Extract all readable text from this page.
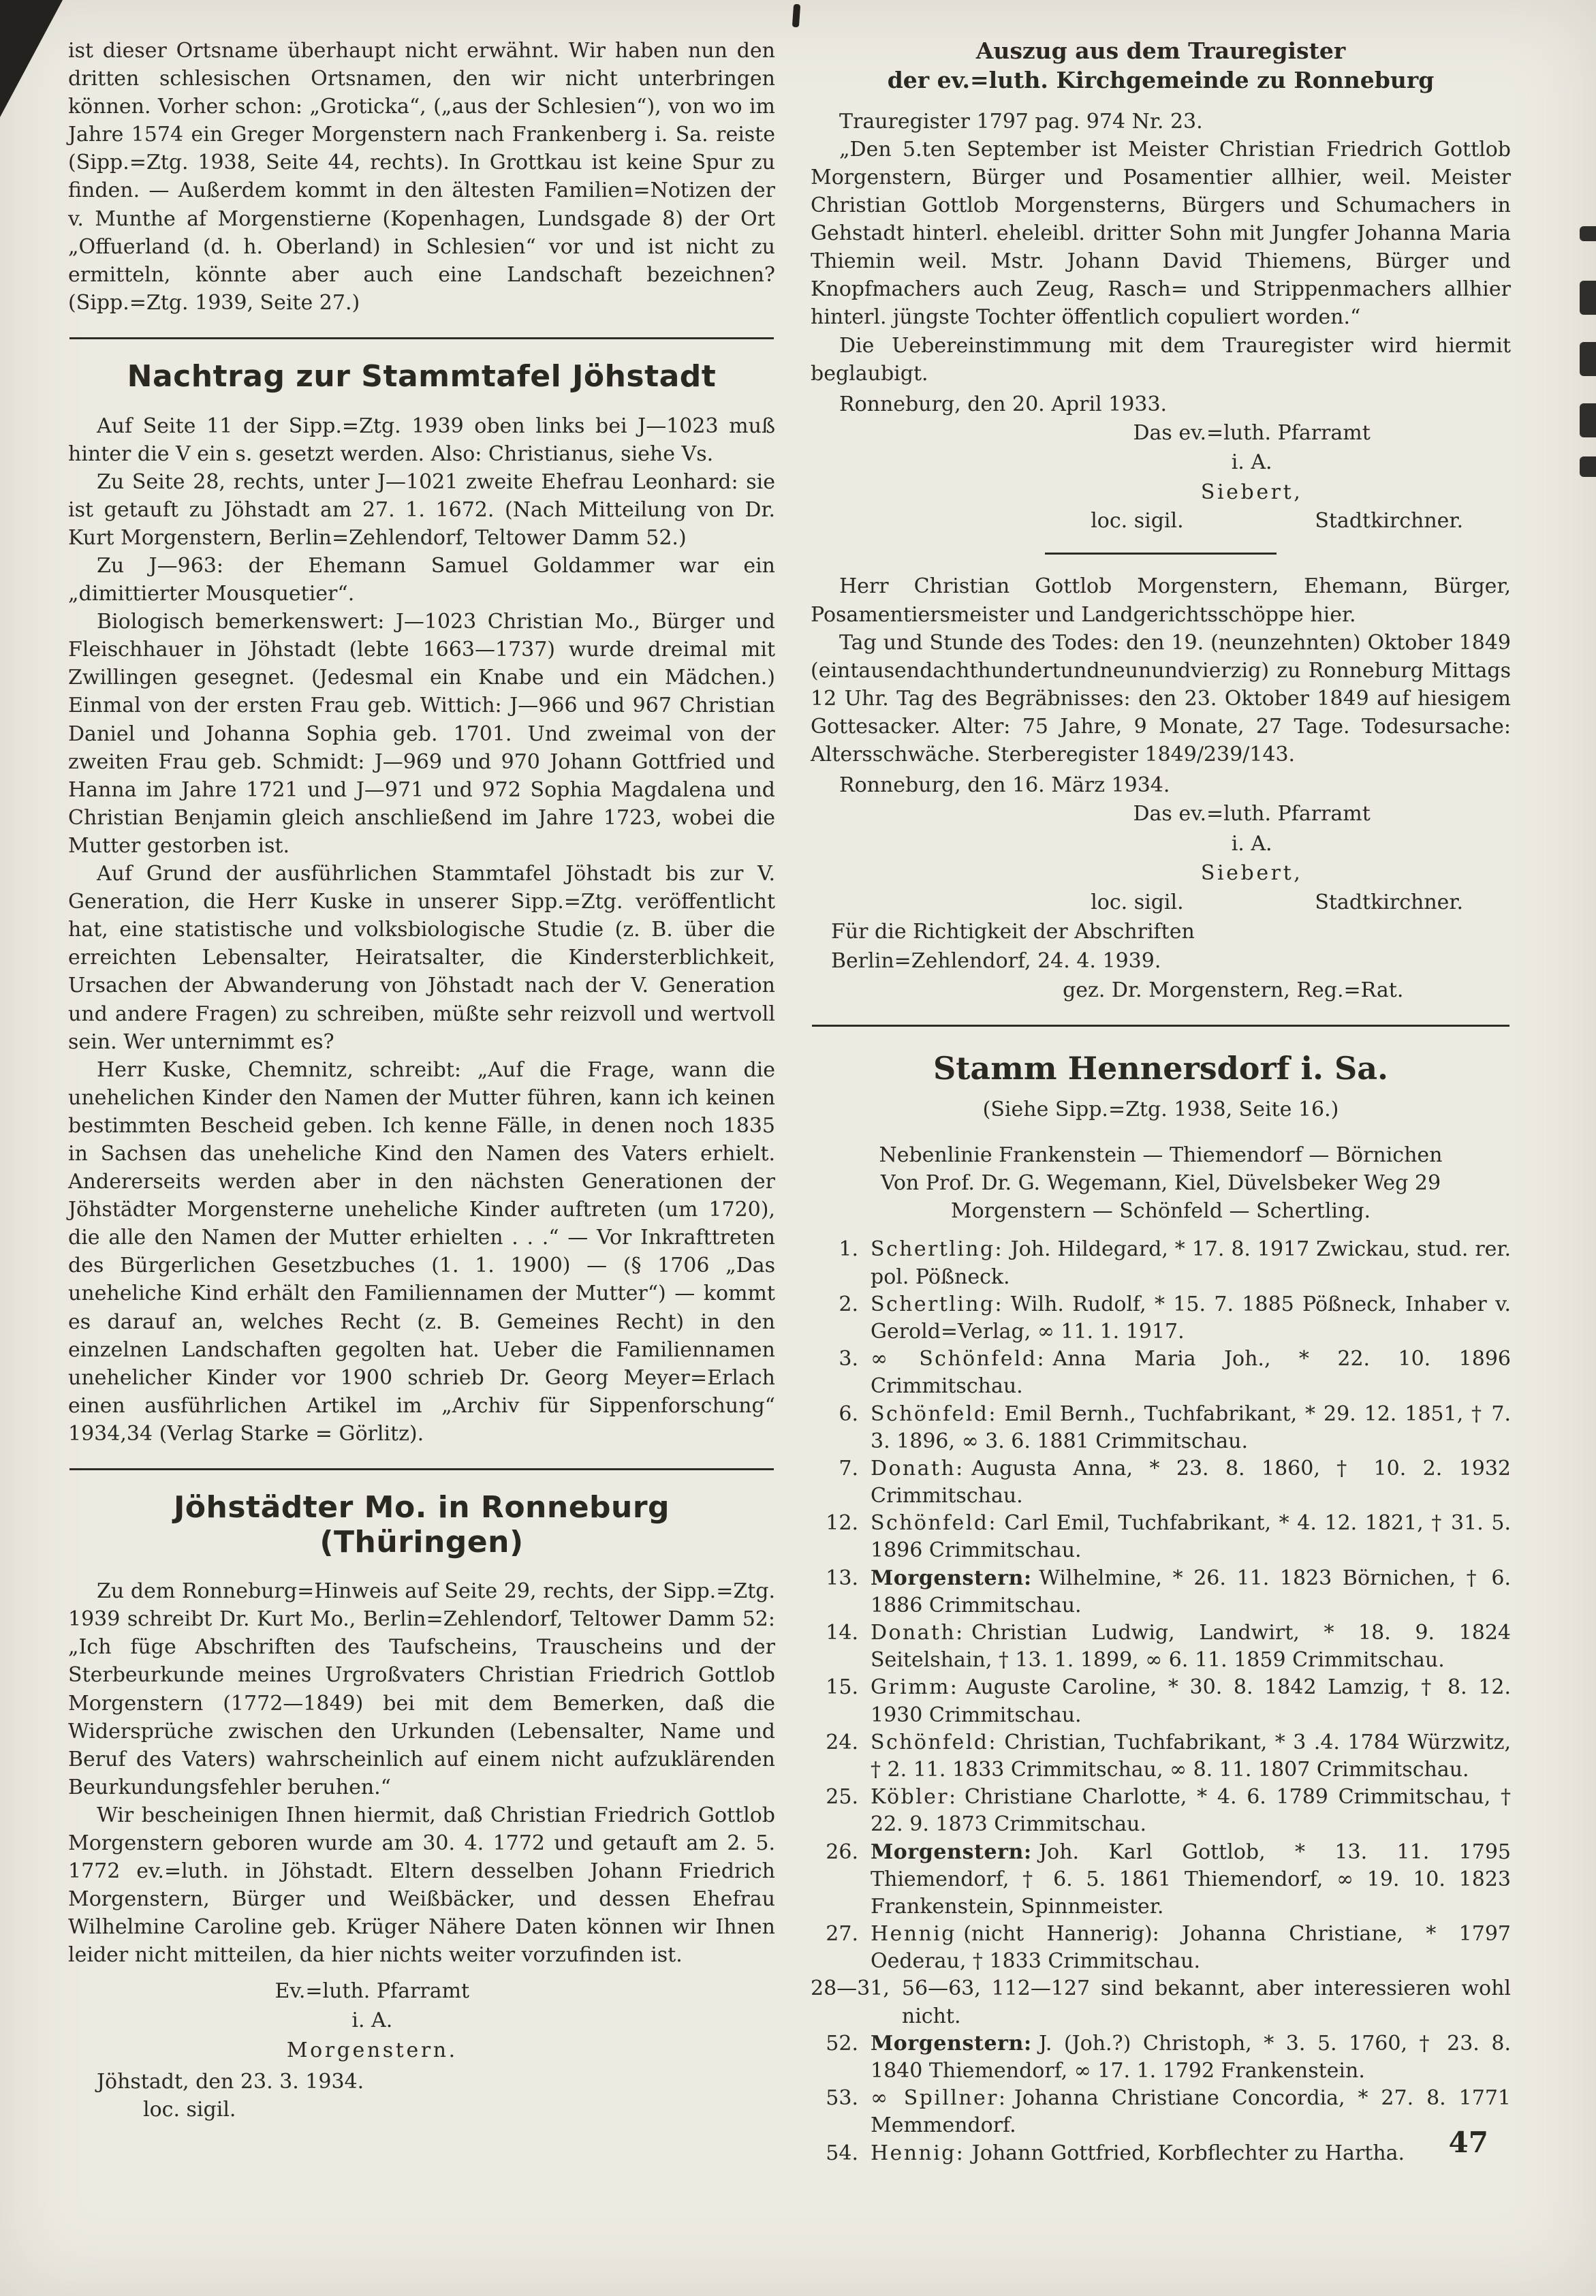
ist dieser Ortsname überhaupt nicht erwähnt. Wir haben nun den dritten schlesischen Ortsnamen, den wir nicht unterbringen können. Vorher schon: „Groticka“, („aus der Schlesien“), von wo im Jahre 1574 ein Greger Morgenstern nach Frankenberg i. Sa. reiste (Sipp.=Ztg. 1938, Seite 44, rechts). In Grottkau ist keine Spur zu finden. — Außerdem kommt in den ältesten Familien=Notizen der v. Munthe af Morgenstierne (Kopenhagen, Lundsgade 8) der Ort „Offuerland (d. h. Oberland) in Schlesien“ vor und ist nicht zu ermitteln, könnte aber auch eine Landschaft bezeichnen? (Sipp.=Ztg. 1939, Seite 27.)

Nachtrag zur Stammtafel Jöhstadt

Auf Seite 11 der Sipp.=Ztg. 1939 oben links bei J—1023 muß hinter die V ein s. gesetzt werden. Also: Christianus, siehe Vs.

Zu Seite 28, rechts, unter J—1021 zweite Ehefrau Leonhard: sie ist getauft zu Jöhstadt am 27. 1. 1672. (Nach Mitteilung von Dr. Kurt Morgenstern, Berlin=Zehlendorf, Teltower Damm 52.)

Zu J—963: der Ehemann Samuel Goldammer war ein „dimittierter Mousquetier“.

Biologisch bemerkenswert: J—1023 Christian Mo., Bürger und Fleischhauer in Jöhstadt (lebte 1663—1737) wurde dreimal mit Zwillingen gesegnet. (Jedesmal ein Knabe und ein Mädchen.) Einmal von der ersten Frau geb. Wittich: J—966 und 967 Christian Daniel und Johanna Sophia geb. 1701. Und zweimal von der zweiten Frau geb. Schmidt: J—969 und 970 Johann Gottfried und Hanna im Jahre 1721 und J—971 und 972 Sophia Magdalena und Christian Benjamin gleich anschließend im Jahre 1723, wobei die Mutter gestorben ist.

Auf Grund der ausführlichen Stammtafel Jöhstadt bis zur V. Generation, die Herr Kuske in unserer Sipp.=Ztg. veröffentlicht hat, eine statistische und volksbiologische Studie (z. B. über die erreichten Lebensalter, Heiratsalter, die Kindersterblichkeit, Ursachen der Abwanderung von Jöhstadt nach der V. Generation und andere Fragen) zu schreiben, müßte sehr reizvoll und wertvoll sein. Wer unternimmt es?

Herr Kuske, Chemnitz, schreibt: „Auf die Frage, wann die unehelichen Kinder den Namen der Mutter führen, kann ich keinen bestimmten Bescheid geben. Ich kenne Fälle, in denen noch 1835 in Sachsen das uneheliche Kind den Namen des Vaters erhielt. Andererseits werden aber in den nächsten Generationen der Jöhstädter Morgensterne uneheliche Kinder auftreten (um 1720), die alle den Namen der Mutter erhielten . . .“ — Vor Inkrafttreten des Bürgerlichen Gesetzbuches (1. 1. 1900) — (§ 1706 „Das uneheliche Kind erhält den Familiennamen der Mutter“) — kommt es darauf an, welches Recht (z. B. Gemeines Recht) in den einzelnen Landschaften gegolten hat. Ueber die Familiennamen unehelicher Kinder vor 1900 schrieb Dr. Georg Meyer=Erlach einen ausführlichen Artikel im „Archiv für Sippenforschung“ 1934,34 (Verlag Starke = Görlitz).

Jöhstädter Mo. in Ronneburg (Thüringen)

Zu dem Ronneburg=Hinweis auf Seite 29, rechts, der Sipp.=Ztg. 1939 schreibt Dr. Kurt Mo., Berlin=Zehlendorf, Teltower Damm 52: „Ich füge Abschriften des Taufscheins, Trauscheins und der Sterbeurkunde meines Urgroßvaters Christian Friedrich Gottlob Morgenstern (1772—1849) bei mit dem Bemerken, daß die Widersprüche zwischen den Urkunden (Lebensalter, Name und Beruf des Vaters) wahrscheinlich auf einem nicht aufzuklärenden Beurkundungsfehler beruhen.“

Wir bescheinigen Ihnen hiermit, daß Christian Friedrich Gottlob Morgenstern geboren wurde am 30. 4. 1772 und getauft am 2. 5. 1772 ev.=luth. in Jöhstadt. Eltern desselben Johann Friedrich Morgenstern, Bürger und Weißbäcker, und dessen Ehefrau Wilhelmine Caroline geb. Krüger Nähere Daten können wir Ihnen leider nicht mitteilen, da hier nichts weiter vorzufinden ist.

Ev.=luth. Pfarramt
i. A.
Morgenstern.
Jöhstadt, den 23. 3. 1934.
loc. sigil.
Auszug aus dem Trauregister
der ev.=luth. Kirchgemeinde zu Ronneburg

Trauregister 1797 pag. 974 Nr. 23.

„Den 5.ten September ist Meister Christian Friedrich Gottlob Morgenstern, Bürger und Posamentier allhier, weil. Meister Christian Gottlob Morgensterns, Bürgers und Schumachers in Gehstadt hinterl. eheleibl. dritter Sohn mit Jungfer Johanna Maria Thiemin weil. Mstr. Johann David Thiemens, Bürger und Knopfmachers auch Zeug, Rasch= und Strippenmachers allhier hinterl. jüngste Tochter öffentlich copuliert worden.“

Die Uebereinstimmung mit dem Trauregister wird hiermit beglaubigt.

Ronneburg, den 20. April 1933.

Das ev.=luth. Pfarramt
i. A.
Siebert,
loc. sigil.	Stadtkirchner.

Herr Christian Gottlob Morgenstern, Ehemann, Bürger, Posamentiersmeister und Landgerichtsschöppe hier.

Tag und Stunde des Todes: den 19. (neunzehnten) Oktober 1849 (eintausendachthundertundneunundvierzig) zu Ronneburg Mittags 12 Uhr. Tag des Begräbnisses: den 23. Oktober 1849 auf hiesigem Gottesacker. Alter: 75 Jahre, 9 Monate, 27 Tage. Todesursache: Altersschwäche. Sterberegister 1849/239/143.

Ronneburg, den 16. März 1934.

Das ev.=luth. Pfarramt
i. A.
Siebert,
loc. sigil.	Stadtkirchner.
Für die Richtigkeit der Abschriften
Berlin=Zehlendorf, 24. 4. 1939.
gez. Dr. Morgenstern, Reg.=Rat.
Stamm Hennersdorf i. Sa.
(Siehe Sipp.=Ztg. 1938, Seite 16.)
Nebenlinie Frankenstein — Thiemendorf — Börnichen
Von Prof. Dr. G. Wegemann, Kiel, Düvelsbeker Weg 29
Morgenstern — Schönfeld — Schertling.
1. Schertling: Joh. Hildegard, * 17. 8. 1917 Zwickau, stud. rer. pol. Pößneck.
2. Schertling: Wilh. Rudolf, * 15. 7. 1885 Pößneck, Inhaber v. Gerold=Verlag, ∞ 11. 1. 1917.
3. ∞ Schönfeld: Anna Maria Joh., * 22. 10. 1896 Crimmitschau.
6. Schönfeld: Emil Bernh., Tuchfabrikant, * 29. 12. 1851, † 7. 3. 1896, ∞ 3. 6. 1881 Crimmitschau.
7. Donath: Augusta Anna, * 23. 8. 1860, † 10. 2. 1932 Crimmitschau.
12. Schönfeld: Carl Emil, Tuchfabrikant, * 4. 12. 1821, † 31. 5. 1896 Crimmitschau.
13. Morgenstern: Wilhelmine, * 26. 11. 1823 Börnichen, † 6. 1886 Crimmitschau.
14. Donath: Christian Ludwig, Landwirt, * 18. 9. 1824 Seitelshain, † 13. 1. 1899, ∞ 6. 11. 1859 Crimmitschau.
15. Grimm: Auguste Caroline, * 30. 8. 1842 Lamzig, † 8. 12. 1930 Crimmitschau.
24. Schönfeld: Christian, Tuchfabrikant, * 3 .4. 1784 Würzwitz, † 2. 11. 1833 Crimmitschau, ∞ 8. 11. 1807 Crimmitschau.
25. Köbler: Christiane Charlotte, * 4. 6. 1789 Crimmitschau, † 22. 9. 1873 Crimmitschau.
26. Morgenstern: Joh. Karl Gottlob, * 13. 11. 1795 Thiemendorf, † 6. 5. 1861 Thiemendorf, ∞ 19. 10. 1823 Frankenstein, Spinnmeister.
27. Hennig (nicht Hannerig): Johanna Christiane, * 1797 Oederau, † 1833 Crimmitschau.
28—31, 56—63, 112—127 sind bekannt, aber interessieren wohl nicht.
52. Morgenstern: J. (Joh.?) Christoph, * 3. 5. 1760, † 23. 8. 1840 Thiemendorf, ∞ 17. 1. 1792 Frankenstein.
53. ∞ Spillner: Johanna Christiane Concordia, * 27. 8. 1771 Memmendorf.
54. Hennig: Johann Gottfried, Korbflechter zu Hartha.	47
